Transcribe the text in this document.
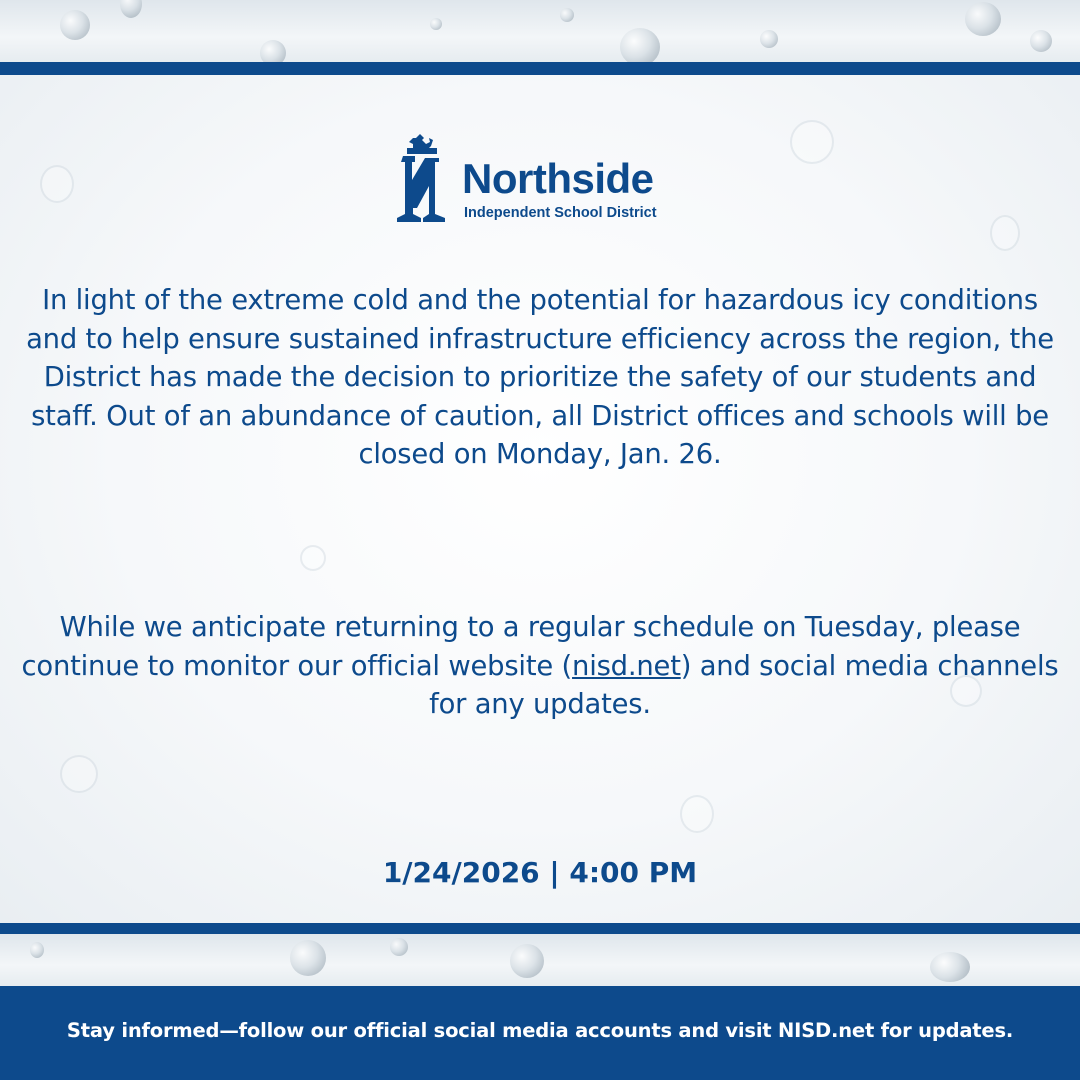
Northside
Independent School District
In light of the extreme cold and the potential for hazardous icy conditions and to help ensure sustained infrastructure efficiency across the region, the District has made the decision to prioritize the safety of our students and staff. Out of an abundance of caution, all District offices and schools will be closed on Monday, Jan. 26.
While we anticipate returning to a regular schedule on Tuesday, please continue to monitor our official website (nisd.net) and social media channels for any updates.
1/24/2026 | 4:00 PM
Stay informed—follow our official social media accounts and visit NISD.net for updates.
